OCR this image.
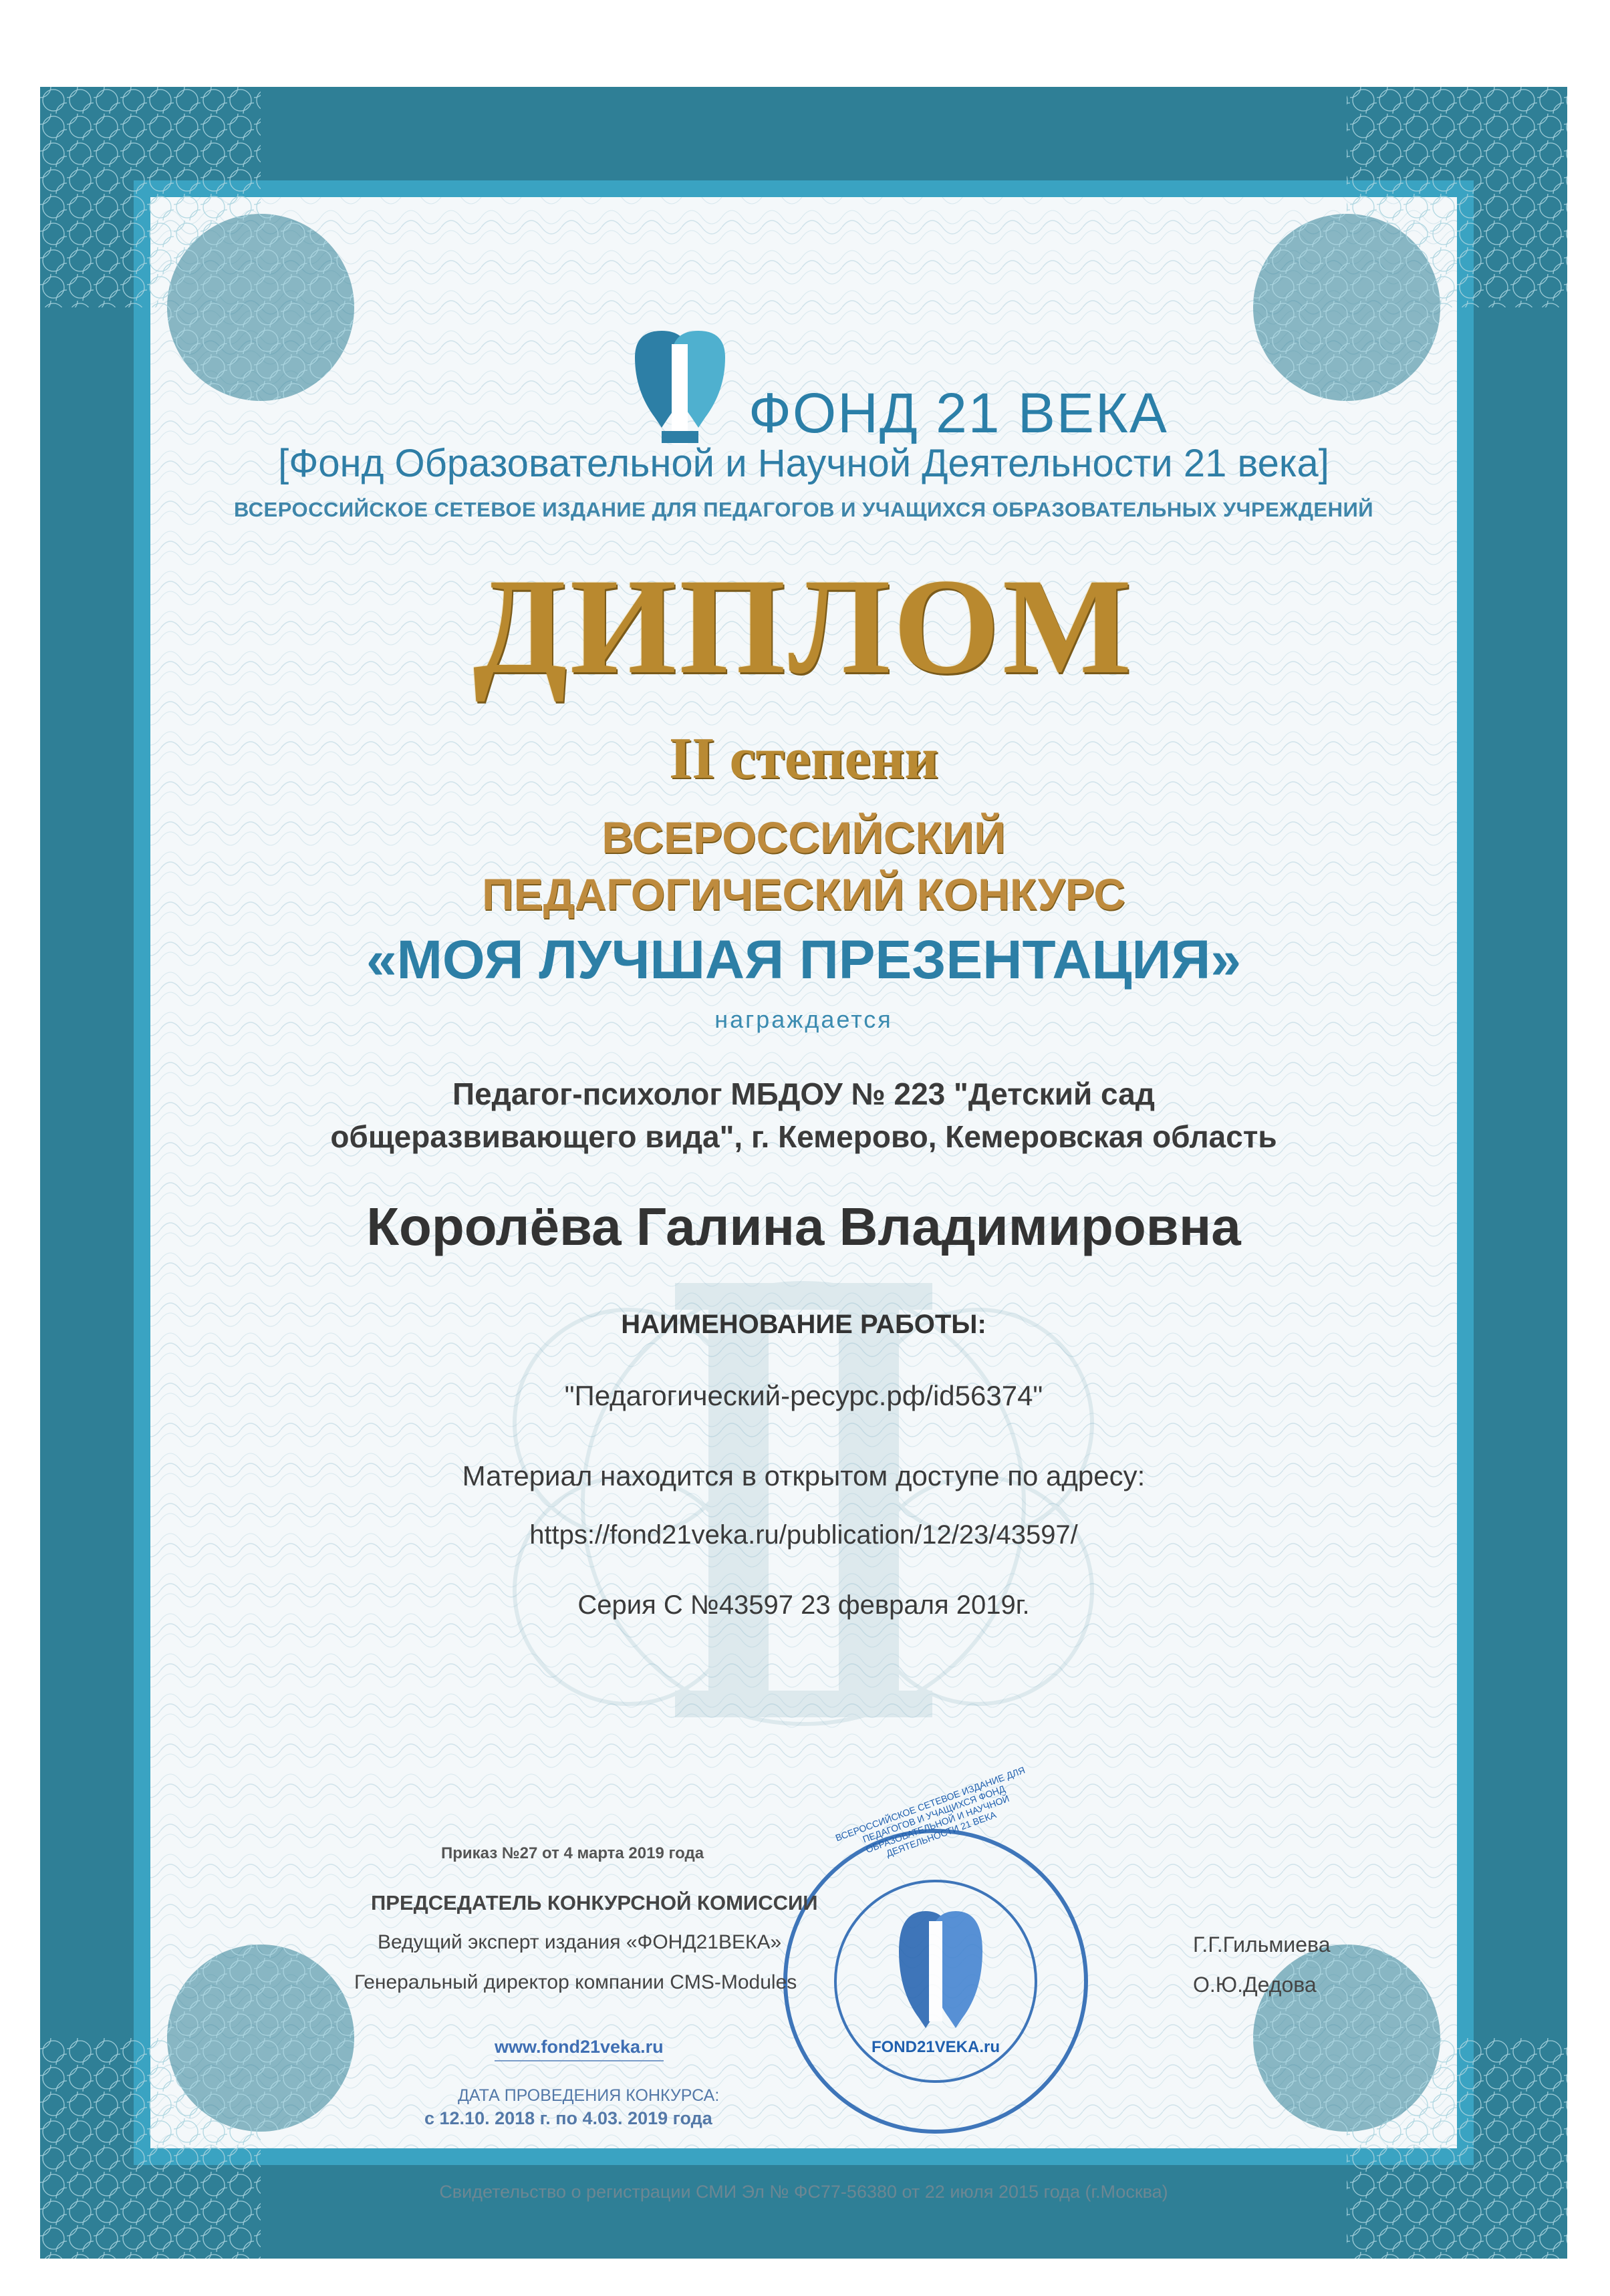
ФОНД 21 ВЕКА
[Фонд Образовательной и Научной Деятельности 21 века]
ВСЕРОССИЙСКОЕ СЕТЕВОЕ ИЗДАНИЕ ДЛЯ ПЕДАГОГОВ И УЧАЩИХСЯ ОБРАЗОВАТЕЛЬНЫХ УЧРЕЖДЕНИЙ
ДИПЛОМ
II степени
ВСЕРОССИЙСКИЙ
ПЕДАГОГИЧЕСКИЙ КОНКУРС
«МОЯ ЛУЧШАЯ ПРЕЗЕНТАЦИЯ»
награждается
Педагог-психолог МБДОУ № 223 "Детский сад
общеразвивающего вида", г. Кемерово, Кемеровская область
Королёва Галина Владимировна
НАИМЕНОВАНИЕ РАБОТЫ:
"Педагогический-ресурс.рф/id56374"
Материал находится в открытом доступе по адресу:
https://fond21veka.ru/publication/12/23/43597/
Серия С №43597 23 февраля 2019г.
Приказ №27 от 4 марта 2019 года
ПРЕДСЕДАТЕЛЬ КОНКУРСНОЙ КОМИССИИ
Ведущий эксперт издания «ФОНД21ВЕКА»
Генеральный директор компании CMS-Modules
www.fond21veka.ru
ДАТА ПРОВЕДЕНИЯ КОНКУРСА:
с 12.10. 2018 г. по 4.03. 2019 года
Г.Г.Гильмиева
О.Ю.Дедова
FOND21VEKA.ru
ВСЕРОССИЙСКОЕ СЕТЕВОЕ ИЗДАНИЕ ДЛЯ ПЕДАГОГОВ И УЧАЩИХСЯ ФОНД ОБРАЗОВАТЕЛЬНОЙ И НАУЧНОЙ ДЕЯТЕЛЬНОСТИ 21 ВЕКА
Свидетельство о регистрации СМИ Эл № ФС77-56380 от 22 июля 2015 года (г.Москва)
